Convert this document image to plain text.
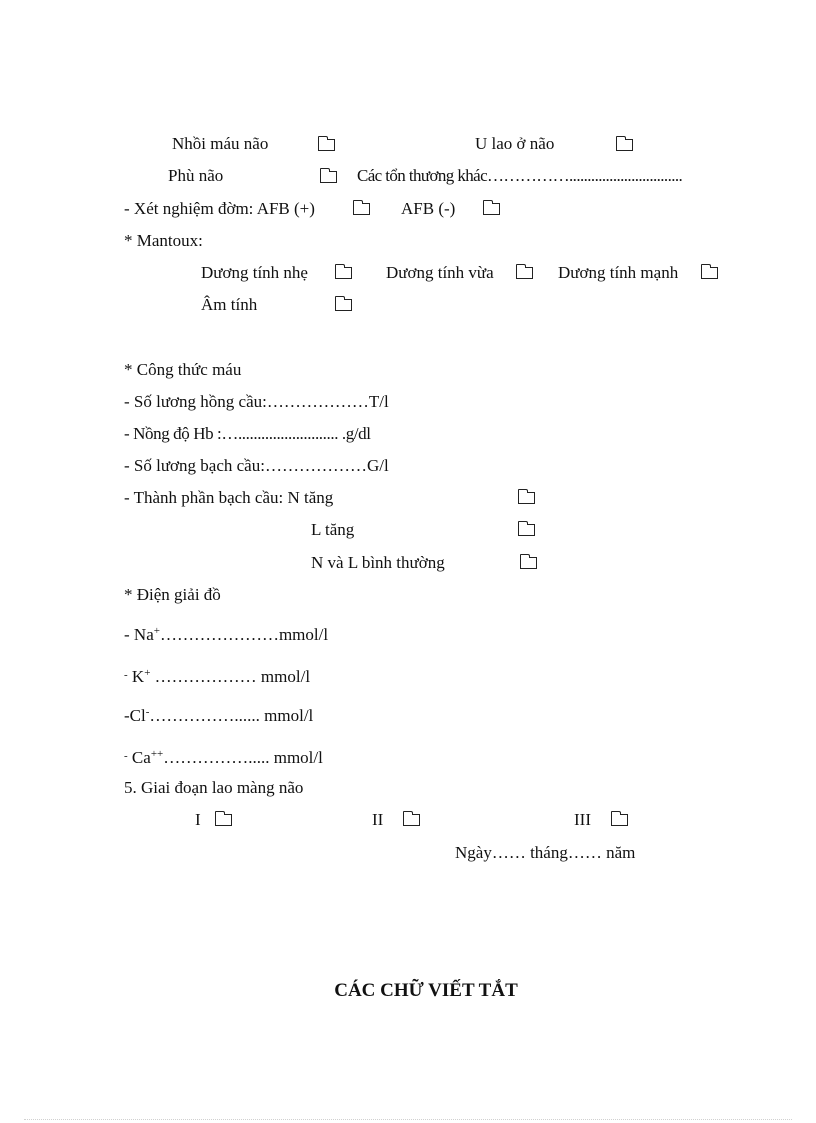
Nhồi máu não	U lao ở não
Phù não	Các tổn thương khác……………...............................
- Xét nghiệm đờm: AFB (+)	AFB (-)
* Mantoux:
Dương tính nhẹ	Dương tính vừa	Dương tính mạnh
Âm tính
* Công thức máu
- Số lương hồng cầu:………………T/l
- Nồng độ Hb :….......................... .g/dl
- Số lương bạch cầu:………………G/l
- Thành phần bạch cầu: N tăng
L tăng
N và L bình thường
* Điện giải đồ
- Na+…………………mmol/l
- K+ ……………… mmol/l
-Cl-……………...... mmol/l
- Ca++……………..... mmol/l
5. Giai đoạn lao màng não
I	II	III
Ngày…… tháng…… năm
CÁC CHỮ VIẾT TẮT
